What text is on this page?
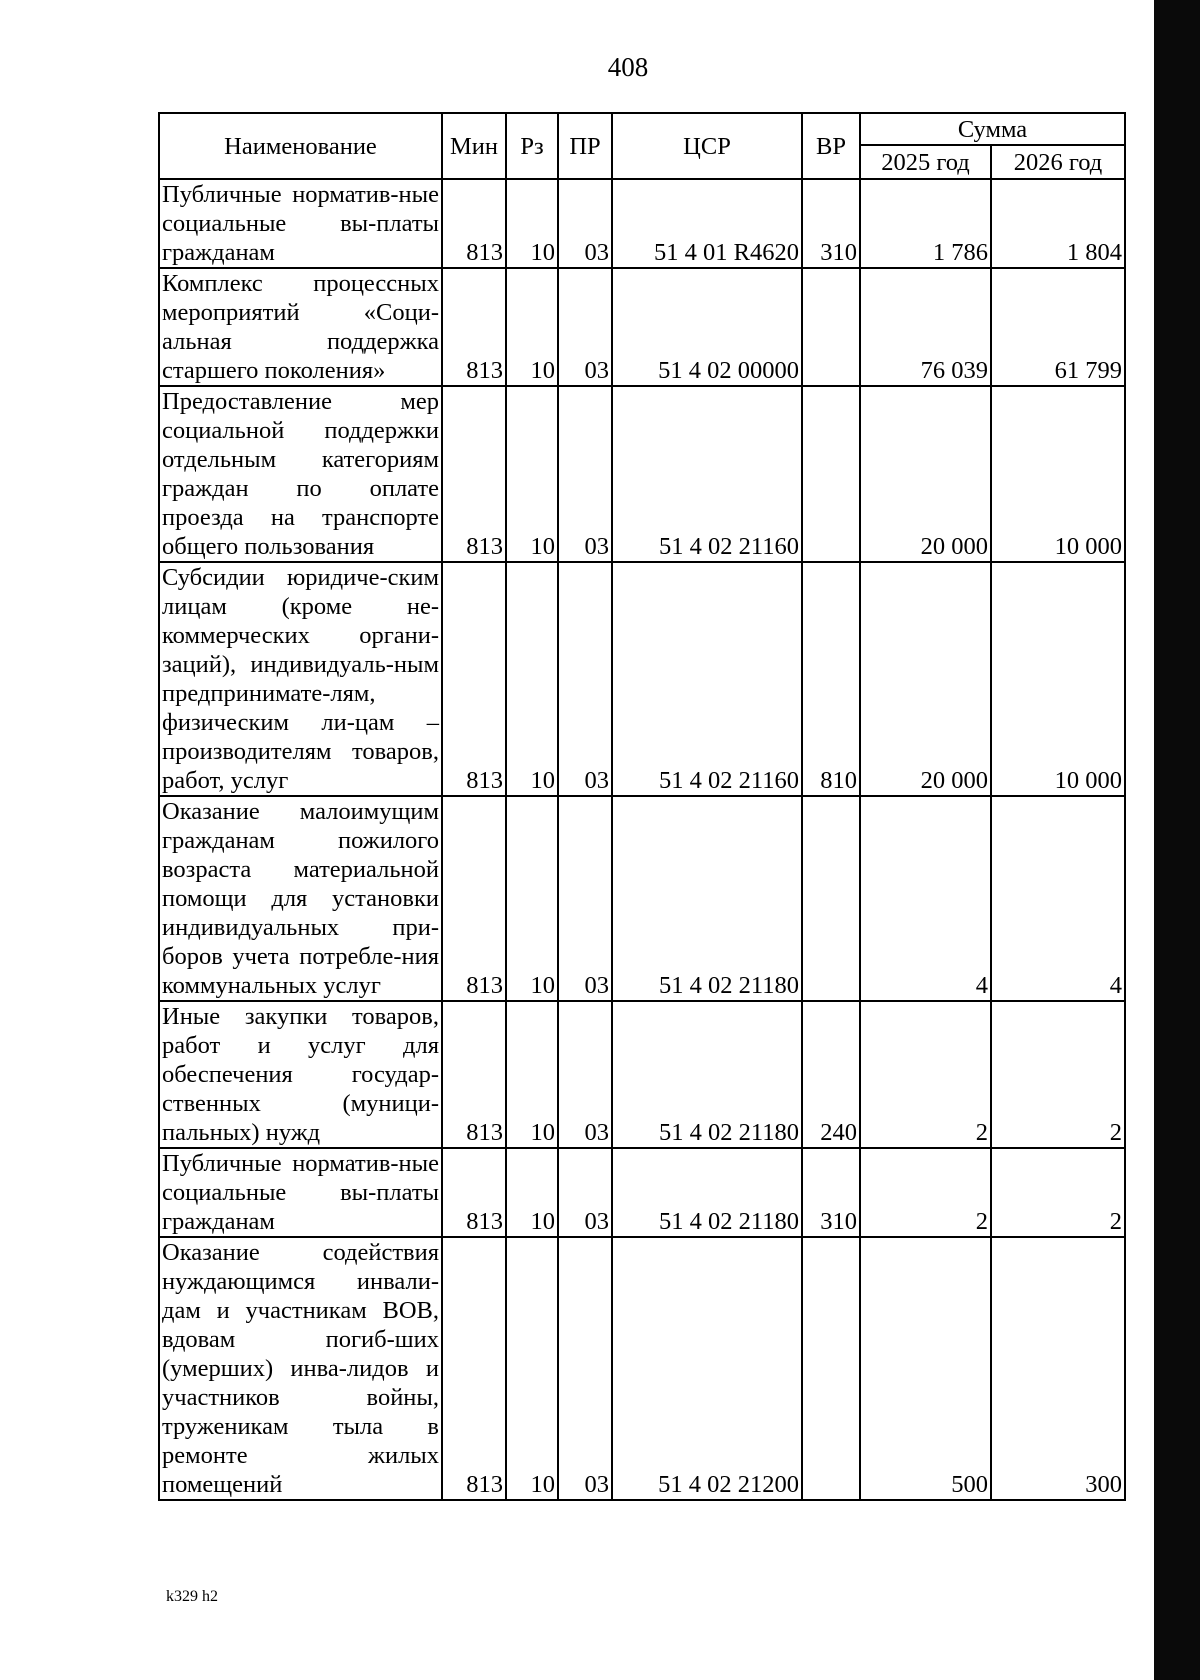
408
Наименование	Мин	Рз	ПР	ЦСР	ВР	Сумма	
						2025 год	2026 год
Публичные норматив-ные социальные вы-платы гражданам	813	10	03	51 4 01 R4620	310	1 786	1 804
Комплекс процессных мероприятий «Соци-альная поддержка старшего поколения»	813	10	03	51 4 02 00000		76 039	61 799
Предоставление мер социальной поддержки отдельным категориям граждан по оплате проезда на транспорте общего пользования	813	10	03	51 4 02 21160		20 000	10 000
Субсидии юридиче-ским лицам (кроме не-коммерческих органи-заций), индивидуаль-ным предпринимате-лям, физическим ли-цам – производителям товаров, работ, услуг	813	10	03	51 4 02 21160	810	20 000	10 000
Оказание малоимущим гражданам пожилого возраста материальной помощи для установки индивидуальных при-боров учета потребле-ния коммунальных услуг	813	10	03	51 4 02 21180		4	4
Иные закупки товаров, работ и услуг для обеспечения государ-ственных (муници-пальных) нужд	813	10	03	51 4 02 21180	240	2	2
Публичные норматив-ные социальные вы-платы гражданам	813	10	03	51 4 02 21180	310	2	2
Оказание содействия нуждающимся инвали-дам и участникам ВОВ, вдовам погиб-ших (умерших) инва-лидов и участников войны, труженикам тыла в ремонте жилых помещений	813	10	03	51 4 02 21200		500	300
k329 h2
